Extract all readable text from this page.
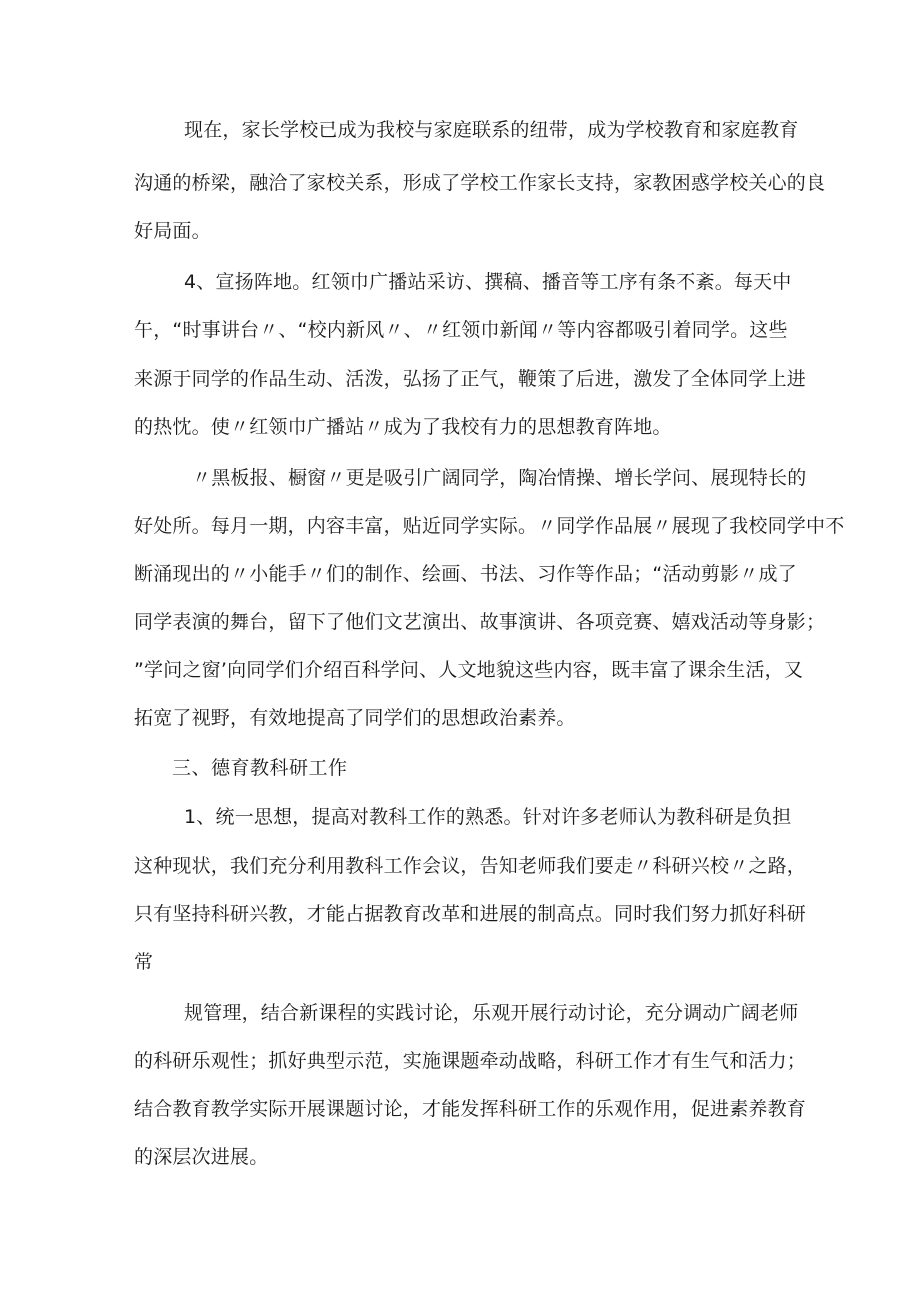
现在，家长学校已成为我校与家庭联系的纽带，成为学校教育和家庭教育
沟通的桥梁，融洽了家校关系，形成了学校工作家长支持，家教困惑学校关心的良
好局面。
4、宣扬阵地。红领巾广播站采访、撰稿、播音等工序有条不紊。每天中
午，“时事讲台〃、“校内新风〃、〃红领巾新闻〃等内容都吸引着同学。这些
来源于同学的作品生动、活泼，弘扬了正气，鞭策了后进，激发了全体同学上进
的热忱。使〃红领巾广播站〃成为了我校有力的思想教育阵地。
〃黑板报、橱窗〃更是吸引广阔同学，陶冶情操、增长学问、展现特长的
好处所。每月一期，内容丰富，贴近同学实际。〃同学作品展〃展现了我校同学中不
断涌现出的〃小能手〃们的制作、绘画、书法、习作等作品；“活动剪影〃成了
同学表演的舞台，留下了他们文艺演出、故事演讲、各项竞赛、嬉戏活动等身影；
”学问之窗’向同学们介绍百科学问、人文地貌这些内容，既丰富了课余生活，又
拓宽了视野，有效地提高了同学们的思想政治素养。
三、德育教科研工作
1、统一思想，提高对教科工作的熟悉。针对许多老师认为教科研是负担
这种现状，我们充分利用教科工作会议，告知老师我们要走〃科研兴校〃之路，
只有坚持科研兴教，才能占据教育改革和进展的制高点。同时我们努力抓好科研
常
规管理，结合新课程的实践讨论，乐观开展行动讨论，充分调动广阔老师
的科研乐观性；抓好典型示范，实施课题牵动战略，科研工作才有生气和活力；
结合教育教学实际开展课题讨论，才能发挥科研工作的乐观作用，促进素养教育
的深层次进展。
